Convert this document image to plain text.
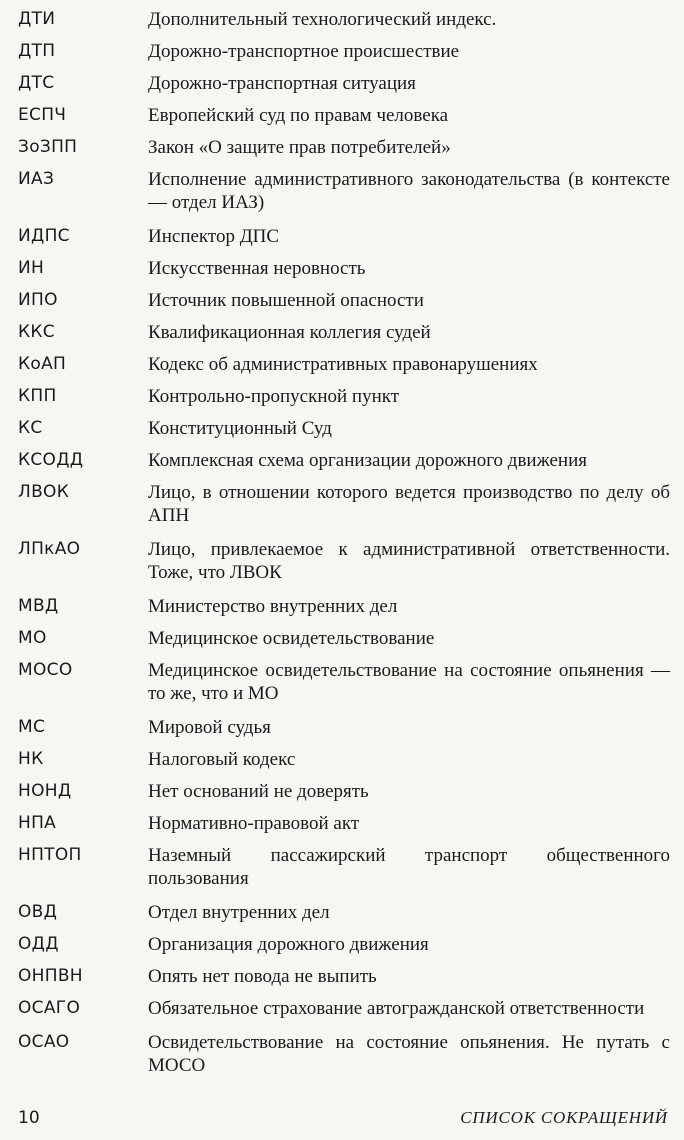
ДТИ	Дополнительный технологический индекс.
ДТП	Дорожно-транспортное происшествие
ДТС	Дорожно-транспортная ситуация
ЕСПЧ	Европейский суд по правам человека
ЗоЗПП	Закон «О защите прав потребителей»
ИАЗ	Исполнение административного законодательства (в контексте — отдел ИАЗ)
ИДПС	Инспектор ДПС
ИН	Искусственная неровность
ИПО	Источник повышенной опасности
ККС	Квалификационная коллегия судей
КоАП	Кодекс об административных правонарушениях
КПП	Контрольно-пропускной пункт
КС	Конституционный Суд
КСОДД	Комплексная схема организации дорожного движения
ЛВОК	Лицо, в отношении которого ведется производство по делу об АПН
ЛПкАО	Лицо, привлекаемое к административной ответственности. Тоже, что ЛВОК
МВД	Министерство внутренних дел
МО	Медицинское освидетельствование
МОСО	Медицинское освидетельствование на состояние опьянения — то же, что и МО
МС	Мировой судья
НК	Налоговый кодекс
НОНД	Нет оснований не доверять
НПА	Нормативно-правовой акт
НПТОП	Наземный пассажирский транспорт общественного пользования
ОВД	Отдел внутренних дел
ОДД	Организация дорожного движения
ОНПВН	Опять нет повода не выпить
ОСАГО	Обязательное страхование автогражданской ответственности
ОСАО	Освидетельствование на состояние опьянения. Не путать с МОСО
10	СПИСОК СОКРАЩЕНИЙ
